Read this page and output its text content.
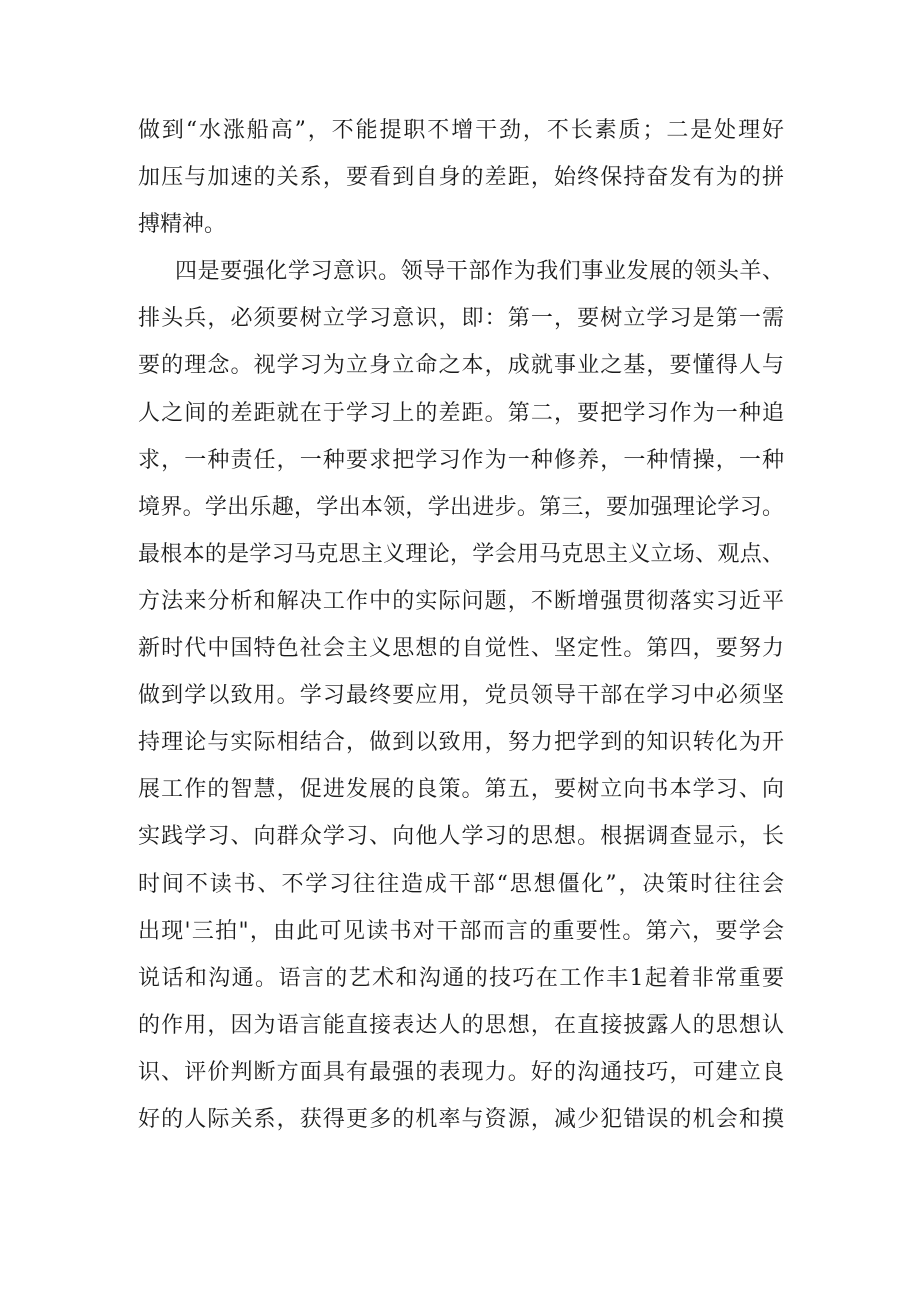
做到“水涨船高”，不能提职不增干劲，不长素质；二是处理好
加压与加速的关系，要看到自身的差距，始终保持奋发有为的拼
搏精神。
四是要强化学习意识。领导干部作为我们事业发展的领头羊、
排头兵，必须要树立学习意识，即：第一，要树立学习是第一需
要的理念。视学习为立身立命之本，成就事业之基，要懂得人与
人之间的差距就在于学习上的差距。第二，要把学习作为一种追
求，一种责任，一种要求把学习作为一种修养，一种情操，一种
境界。学出乐趣，学出本领，学出进步。第三，要加强理论学习。
最根本的是学习马克思主义理论，学会用马克思主义立场、观点、
方法来分析和解决工作中的实际问题，不断增强贯彻落实习近平
新时代中国特色社会主义思想的自觉性、坚定性。第四，要努力
做到学以致用。学习最终要应用，党员领导干部在学习中必须坚
持理论与实际相结合，做到以致用，努力把学到的知识转化为开
展工作的智慧，促进发展的良策。第五，要树立向书本学习、向
实践学习、向群众学习、向他人学习的思想。根据调查显示，长
时间不读书、不学习往往造成干部“思想僵化”，决策时往往会
出现'三拍"，由此可见读书对干部而言的重要性。第六，要学会
说话和沟通。语言的艺术和沟通的技巧在工作丰1起着非常重要
的作用，因为语言能直接表达人的思想，在直接披露人的思想认
识、评价判断方面具有最强的表现力。好的沟通技巧，可建立良
好的人际关系，获得更多的机率与资源，减少犯错误的机会和摸
